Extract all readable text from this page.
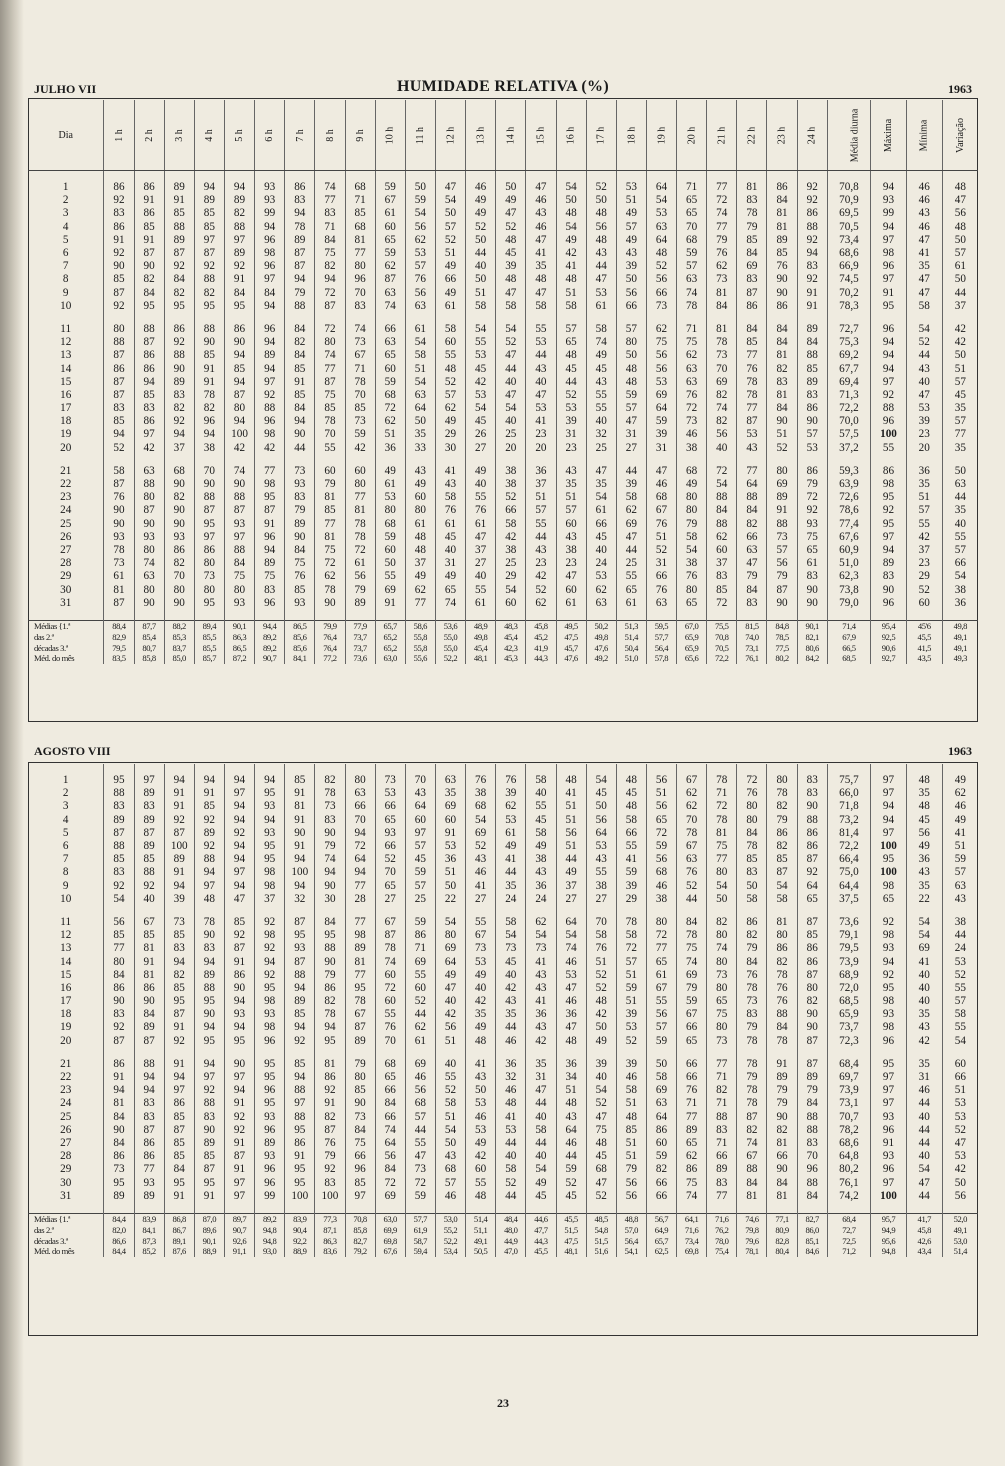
JULHO VII	HUMIDADE RELATIVA (%)	1963
Dia	1 h	2 h	3 h	4 h	5 h	6 h	7 h	8 h	9 h	10 h	11 h	12 h	13 h	14 h	15 h	16 h	17 h	18 h	19 h	20 h	21 h	22 h	23 h	24 h	Média diurna	Máxima	Mínima	Variação

1	86	86	89	94	94	93	86	74	68	59	50	47	46	50	47	54	52	53	64	71	77	81	86	92	70,8	94	46	48
2	92	91	91	89	89	93	83	77	71	67	59	54	49	49	46	50	50	51	54	65	72	83	84	92	70,9	93	46	47
3	83	86	85	85	82	99	94	83	85	61	54	50	49	47	43	48	48	49	53	65	74	78	81	86	69,5	99	43	56
4	86	85	88	85	88	94	78	71	68	60	56	57	52	52	46	54	56	57	63	70	77	79	81	88	70,5	94	46	48
5	91	91	89	97	97	96	89	84	81	65	62	52	50	48	47	49	48	49	64	68	79	85	89	92	73,4	97	47	50
6	92	87	87	87	89	98	87	75	77	59	53	51	44	45	41	42	43	43	48	59	76	84	85	94	68,6	98	41	57
7	90	90	92	92	92	96	87	82	80	62	57	49	40	39	35	41	44	39	52	57	62	69	76	83	66,9	96	35	61
8	85	82	84	88	91	97	94	94	96	87	76	66	50	48	48	48	47	50	56	63	73	83	90	92	74,5	97	47	50
9	87	84	82	82	84	84	79	72	70	63	56	49	51	47	47	51	53	56	66	74	81	87	90	91	70,2	91	47	44
10	92	95	95	95	95	94	88	87	83	74	63	61	58	58	58	58	61	66	73	78	84	86	86	91	78,3	95	58	37

11	80	88	86	88	86	96	84	72	74	66	61	58	54	54	55	57	58	57	62	71	81	84	84	89	72,7	96	54	42
12	88	87	92	90	90	94	82	80	73	63	54	60	55	52	53	65	74	80	75	75	78	85	84	84	75,3	94	52	42
13	87	86	88	85	94	89	84	74	67	65	58	55	53	47	44	48	49	50	56	62	73	77	81	88	69,2	94	44	50
14	86	86	90	91	85	94	85	77	71	60	51	48	45	44	43	45	45	48	56	63	70	76	82	85	67,7	94	43	51
15	87	94	89	91	94	97	91	87	78	59	54	52	42	40	40	44	43	48	53	63	69	78	83	89	69,4	97	40	57
16	87	85	83	78	87	92	85	75	70	68	63	57	53	47	47	52	55	59	69	76	82	78	81	83	71,3	92	47	45
17	83	83	82	82	80	88	84	85	85	72	64	62	54	54	53	53	55	57	64	72	74	77	84	86	72,2	88	53	35
18	85	86	92	96	94	96	94	78	73	62	50	49	45	40	41	39	40	47	59	73	82	87	90	90	70,0	96	39	57
19	94	97	94	94	100	98	90	70	59	51	35	29	26	25	23	31	32	31	39	46	56	53	51	57	57,5	100	23	77
20	52	42	37	38	42	42	44	55	42	36	33	30	27	20	20	23	25	27	31	38	40	43	52	53	37,2	55	20	35

21	58	63	68	70	74	77	73	60	60	49	43	41	49	38	36	43	47	44	47	68	72	77	80	86	59,3	86	36	50
22	87	88	90	90	90	98	93	79	80	61	49	43	40	38	37	35	35	39	46	49	54	64	69	79	63,9	98	35	63
23	76	80	82	88	88	95	83	81	77	53	60	58	55	52	51	51	54	58	68	80	88	88	89	72	72,6	95	51	44
24	90	87	90	87	87	87	79	85	81	80	80	76	76	66	57	57	61	62	67	80	84	84	91	92	78,6	92	57	35
25	90	90	90	95	93	91	89	77	78	68	61	61	61	58	55	60	66	69	76	79	88	82	88	93	77,4	95	55	40
26	93	93	93	97	97	96	90	81	78	59	48	45	47	42	44	43	45	47	51	58	62	66	73	75	67,6	97	42	55
27	78	80	86	86	88	94	84	75	72	60	48	40	37	38	43	38	40	44	52	54	60	63	57	65	60,9	94	37	57
28	73	74	82	80	84	89	75	72	61	50	37	31	27	25	23	23	24	25	31	38	37	47	56	61	51,0	89	23	66
29	61	63	70	73	75	75	76	62	56	55	49	49	40	29	42	47	53	55	66	76	83	79	79	83	62,3	83	29	54
30	81	80	80	80	80	83	85	78	79	69	62	65	55	54	52	60	62	65	76	80	85	84	87	90	73,8	90	52	38
31	87	90	90	95	93	96	93	90	89	91	77	74	61	60	62	61	63	61	63	65	72	83	90	90	79,0	96	60	36

Médias {1.ª	88,4	87,7	88,2	89,4	90,1	94,4	86,5	79,9	77,9	65,7	58,6	53,6	48,9	48,3	45,8	49,5	50,2	51,3	59,5	67,0	75,5	81,5	84,8	90,1	71,4	95,4	45'6	49,8
das 2.ª	82,9	85,4	85,3	85,5	86,3	89,2	85,6	76,4	73,7	65,2	55,8	55,0	49,8	45,4	45,2	47,5	49,8	51,4	57,7	65,9	70,8	74,0	78,5	82,1	67,9	92,5	45,5	49,1
décadas 3.ª	79,5	80,7	83,7	85,5	86,5	89,2	85,6	76,4	73,7	65,2	55,8	55,0	45,4	42,3	41,9	45,7	47,6	50,4	56,4	65,9	70,5	73,1	77,5	80,6	66,5	90,6	41,5	49,1
Méd. do mês	83,5	85,8	85,0	85,7	87,2	90,7	84,1	77,2	73,6	63,0	55,6	52,2	48,1	45,3	44,3	47,6	49,2	51,0	57,8	65,6	72,2	76,1	80,2	84,2	68,5	92,7	43,5	49,3
AGOSTO VIII	1963

1	95	97	94	94	94	94	85	82	80	73	70	63	76	76	58	48	54	48	56	67	78	72	80	83	75,7	97	48	49
2	88	89	91	91	97	95	91	78	63	53	43	35	38	39	40	41	45	45	51	62	71	76	78	83	66,0	97	35	62
3	83	83	91	85	94	93	81	73	66	66	64	69	68	62	55	51	50	48	56	62	72	80	82	90	71,8	94	48	46
4	89	89	92	92	94	94	91	83	70	65	60	60	54	53	45	51	56	58	65	70	78	80	79	88	73,2	94	45	49
5	87	87	87	89	92	93	90	90	94	93	97	91	69	61	58	56	64	66	72	78	81	84	86	86	81,4	97	56	41
6	88	89	100	92	94	95	91	79	72	66	57	53	52	49	49	51	53	55	59	67	75	78	82	86	72,2	100	49	51
7	85	85	89	88	94	95	94	74	64	52	45	36	43	41	38	44	43	41	56	63	77	85	85	87	66,4	95	36	59
8	83	88	91	94	97	98	100	94	94	70	59	51	46	44	43	49	55	59	68	76	80	83	87	92	75,0	100	43	57
9	92	92	94	97	94	98	94	90	77	65	57	50	41	35	36	37	38	39	46	52	54	50	54	64	64,4	98	35	63
10	54	40	39	48	47	37	32	30	28	27	25	22	27	24	24	27	27	29	38	44	50	58	58	65	37,5	65	22	43

11	56	67	73	78	85	92	87	84	77	67	59	54	55	58	62	64	70	78	80	84	82	86	81	87	73,6	92	54	38
12	85	85	85	90	92	98	95	95	98	87	86	80	67	54	54	54	58	58	72	78	80	82	80	85	79,1	98	54	44
13	77	81	83	83	87	92	93	88	89	78	71	69	73	73	73	74	76	72	77	75	74	79	86	86	79,5	93	69	24
14	80	91	94	94	91	94	87	90	81	74	69	64	53	45	41	46	51	57	65	74	80	84	82	86	73,9	94	41	53
15	84	81	82	89	86	92	88	79	77	60	55	49	49	40	43	53	52	51	61	69	73	76	78	87	68,9	92	40	52
16	86	86	85	88	90	95	94	86	95	72	60	47	40	42	43	47	52	59	67	79	80	78	76	80	72,0	95	40	55
17	90	90	95	95	94	98	89	82	78	60	52	40	42	43	41	46	48	51	55	59	65	73	76	82	68,5	98	40	57
18	83	84	87	90	93	93	85	78	67	55	44	42	35	35	36	36	42	39	56	67	75	83	88	90	65,9	93	35	58
19	92	89	91	94	94	98	94	94	87	76	62	56	49	44	43	47	50	53	57	66	80	79	84	90	73,7	98	43	55
20	87	87	92	95	95	96	92	95	89	70	61	51	48	46	42	48	49	52	59	65	73	78	78	87	72,3	96	42	54

21	86	88	91	94	90	95	85	81	79	68	69	40	41	36	35	36	39	39	50	66	77	78	91	87	68,4	95	35	60
22	91	94	94	97	97	95	94	86	80	65	46	55	43	32	31	34	40	46	58	66	71	79	89	89	69,7	97	31	66
23	94	94	97	92	94	96	88	92	85	66	56	52	50	46	47	51	54	58	69	76	82	78	79	79	73,9	97	46	51
24	81	83	86	88	91	95	97	91	90	84	68	58	53	48	44	48	52	51	63	71	71	78	79	84	73,1	97	44	53
25	84	83	85	83	92	93	88	82	73	66	57	51	46	41	40	43	47	48	64	77	88	87	90	88	70,7	93	40	53
26	90	87	87	90	92	96	95	87	84	74	44	54	53	53	58	64	75	85	86	89	83	82	82	88	78,2	96	44	52
27	84	86	85	89	91	89	86	76	75	64	55	50	49	44	44	46	48	51	60	65	71	74	81	83	68,6	91	44	47
28	86	86	85	85	87	93	91	79	66	56	47	43	42	40	40	44	45	51	59	62	66	67	66	70	64,8	93	40	53
29	73	77	84	87	91	96	95	92	96	84	73	68	60	58	54	59	68	79	82	86	89	88	90	96	80,2	96	54	42
30	95	93	95	95	97	96	95	83	85	72	72	57	55	52	49	52	47	56	66	75	83	84	84	88	76,1	97	47	50
31	89	89	91	91	97	99	100	100	97	69	59	46	48	44	45	45	52	56	66	74	77	81	81	84	74,2	100	44	56

Médias {1.ª	84,4	83,9	86,8	87,0	89,7	89,2	83,9	77,3	70,8	63,0	57,7	53,0	51,4	48,4	44,6	45,5	48,5	48,8	56,7	64,1	71,6	74,6	77,1	82,7	68,4	95,7	41,7	52,0
das 2.ª	82,0	84,1	86,7	89,6	90,7	94,8	90,4	87,1	85,8	69,9	61,9	55,2	51,1	48,0	47,7	51,5	54,8	57,0	64,9	71,6	76,2	79,8	80,9	86,0	72,7	94,9	45,8	49,1
décadas 3.ª	86,6	87,3	89,1	90,1	92,6	94,8	92,2	86,3	82,7	69,8	58,7	52,2	49,1	44,9	44,3	47,5	51,5	56,4	65,7	73,4	78,0	79,6	82,8	85,1	72,5	95,6	42,6	53,0
Méd. do mês	84,4	85,2	87,6	88,9	91,1	93,0	88,9	83,6	79,2	67,6	59,4	53,4	50,5	47,0	45,5	48,1	51,6	54,1	62,5	69,8	75,4	78,1	80,4	84,6	71,2	94,8	43,4	51,4
23
